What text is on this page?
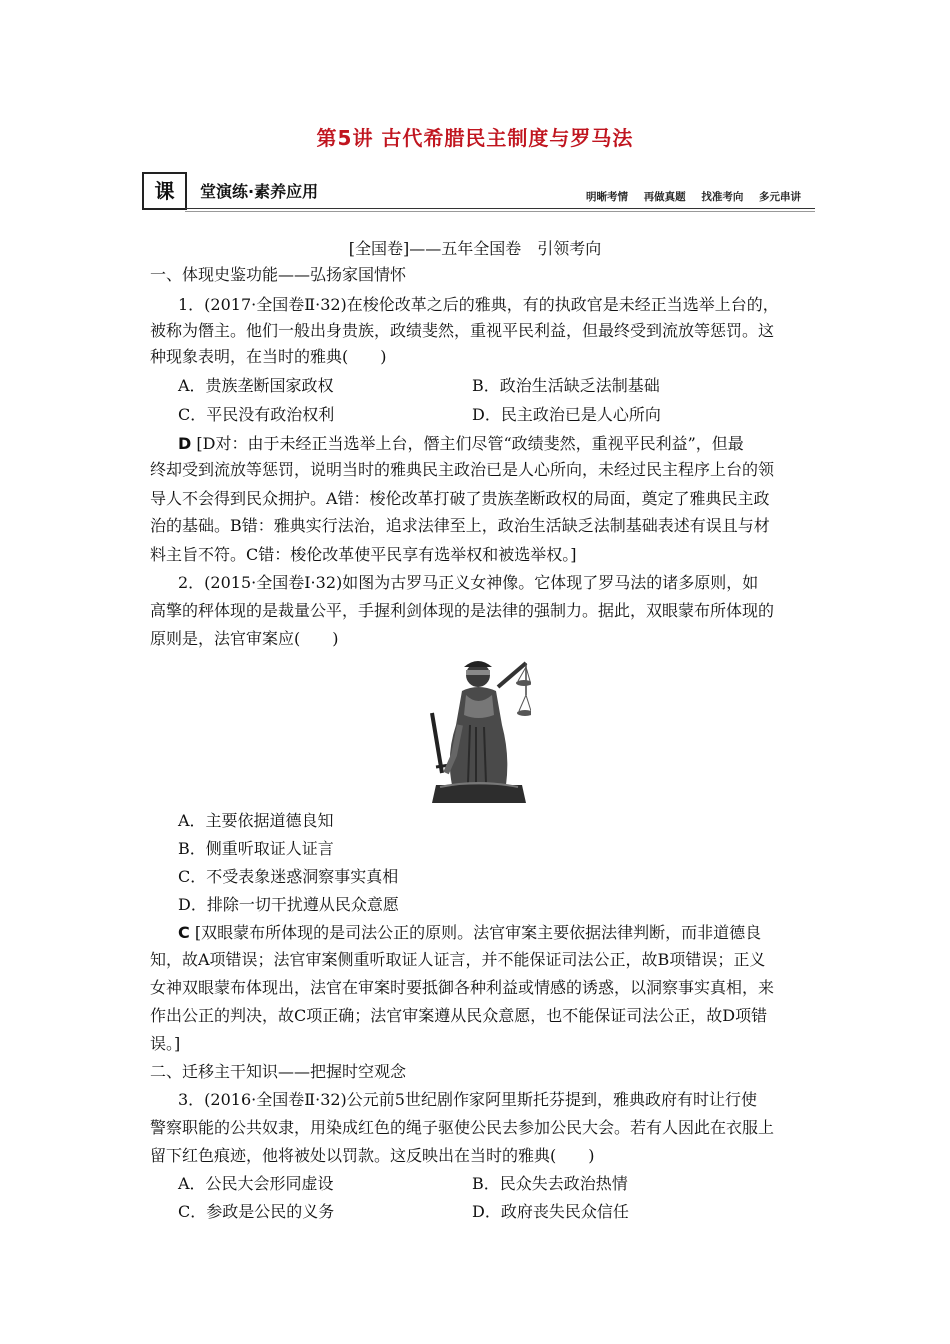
第5讲 古代希腊民主制度与罗马法
课	堂演练·素养应用	明晰考情 再做真题 找准考向 多元串讲
[全国卷]——五年全国卷　引领考向
一、体现史鉴功能——弘扬家国情怀
1．(2017·全国卷Ⅱ·32)在梭伦改革之后的雅典，有的执政官是未经正当选举上台的，
被称为僭主。他们一般出身贵族，政绩斐然，重视平民利益，但最终受到流放等惩罚。这
种现象表明，在当时的雅典(　　)
A．贵族垄断国家政权	B．政治生活缺乏法制基础
C．平民没有政治权利	D．民主政治已是人心所向
D [D对：由于未经正当选举上台，僭主们尽管“政绩斐然，重视平民利益”，但最
终却受到流放等惩罚，说明当时的雅典民主政治已是人心所向，未经过民主程序上台的领
导人不会得到民众拥护。A错：梭伦改革打破了贵族垄断政权的局面，奠定了雅典民主政
治的基础。B错：雅典实行法治，追求法律至上，政治生活缺乏法制基础表述有误且与材
料主旨不符。C错：梭伦改革使平民享有选举权和被选举权。]
2．(2015·全国卷Ⅰ·32)如图为古罗马正义女神像。它体现了罗马法的诸多原则，如
高擎的秤体现的是裁量公平，手握利剑体现的是法律的强制力。据此，双眼蒙布所体现的
原则是，法官审案应(　　)
A．主要依据道德良知
B．侧重听取证人证言
C．不受表象迷惑洞察事实真相
D．排除一切干扰遵从民众意愿
C [双眼蒙布所体现的是司法公正的原则。法官审案主要依据法律判断，而非道德良
知，故A项错误；法官审案侧重听取证人证言，并不能保证司法公正，故B项错误；正义
女神双眼蒙布体现出，法官在审案时要抵御各种利益或情感的诱惑，以洞察事实真相，来
作出公正的判决，故C项正确；法官审案遵从民众意愿，也不能保证司法公正，故D项错
误。]
二、迁移主干知识——把握时空观念
3．(2016·全国卷Ⅱ·32)公元前5世纪剧作家阿里斯托芬提到，雅典政府有时让行使
警察职能的公共奴隶，用染成红色的绳子驱使公民去参加公民大会。若有人因此在衣服上
留下红色痕迹，他将被处以罚款。这反映出在当时的雅典(　　)
A．公民大会形同虚设	B．民众失去政治热情
C．参政是公民的义务	D．政府丧失民众信任
